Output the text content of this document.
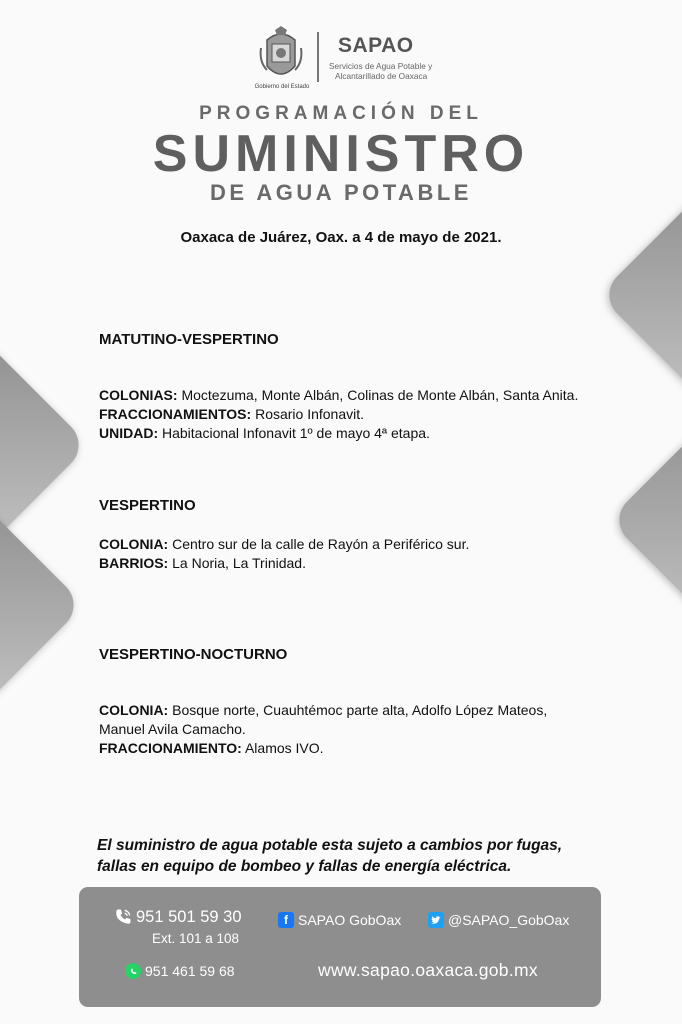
Gobierno del Estado
SAPAO
Servicios de Agua Potable y
Alcantarillado de Oaxaca
PROGRAMACIÓN DEL
SUMINISTRO
DE AGUA POTABLE
Oaxaca de Juárez, Oax. a 4 de mayo de 2021.
MATUTINO-VESPERTINO
COLONIAS: Moctezuma, Monte Albán, Colinas de Monte Albán, Santa Anita.
FRACCIONAMIENTOS: Rosario Infonavit.
UNIDAD: Habitacional Infonavit 1º de mayo 4ª etapa.
VESPERTINO
COLONIA: Centro sur de la calle de Rayón a Periférico sur.
BARRIOS: La Noria, La Trinidad.
VESPERTINO-NOCTURNO
COLONIA: Bosque norte, Cuauhtémoc parte alta, Adolfo López Mateos,
Manuel Avila Camacho.
FRACCIONAMIENTO: Alamos IVO.
El suministro de agua potable esta sujeto a cambios por fugas,
fallas en equipo de bombeo y fallas de energía eléctrica.
951 501 59 30
Ext. 101 a 108
f SAPAO GobOax	@SAPAO_GobOax
951 461 59 68	www.sapao.oaxaca.gob.mx
